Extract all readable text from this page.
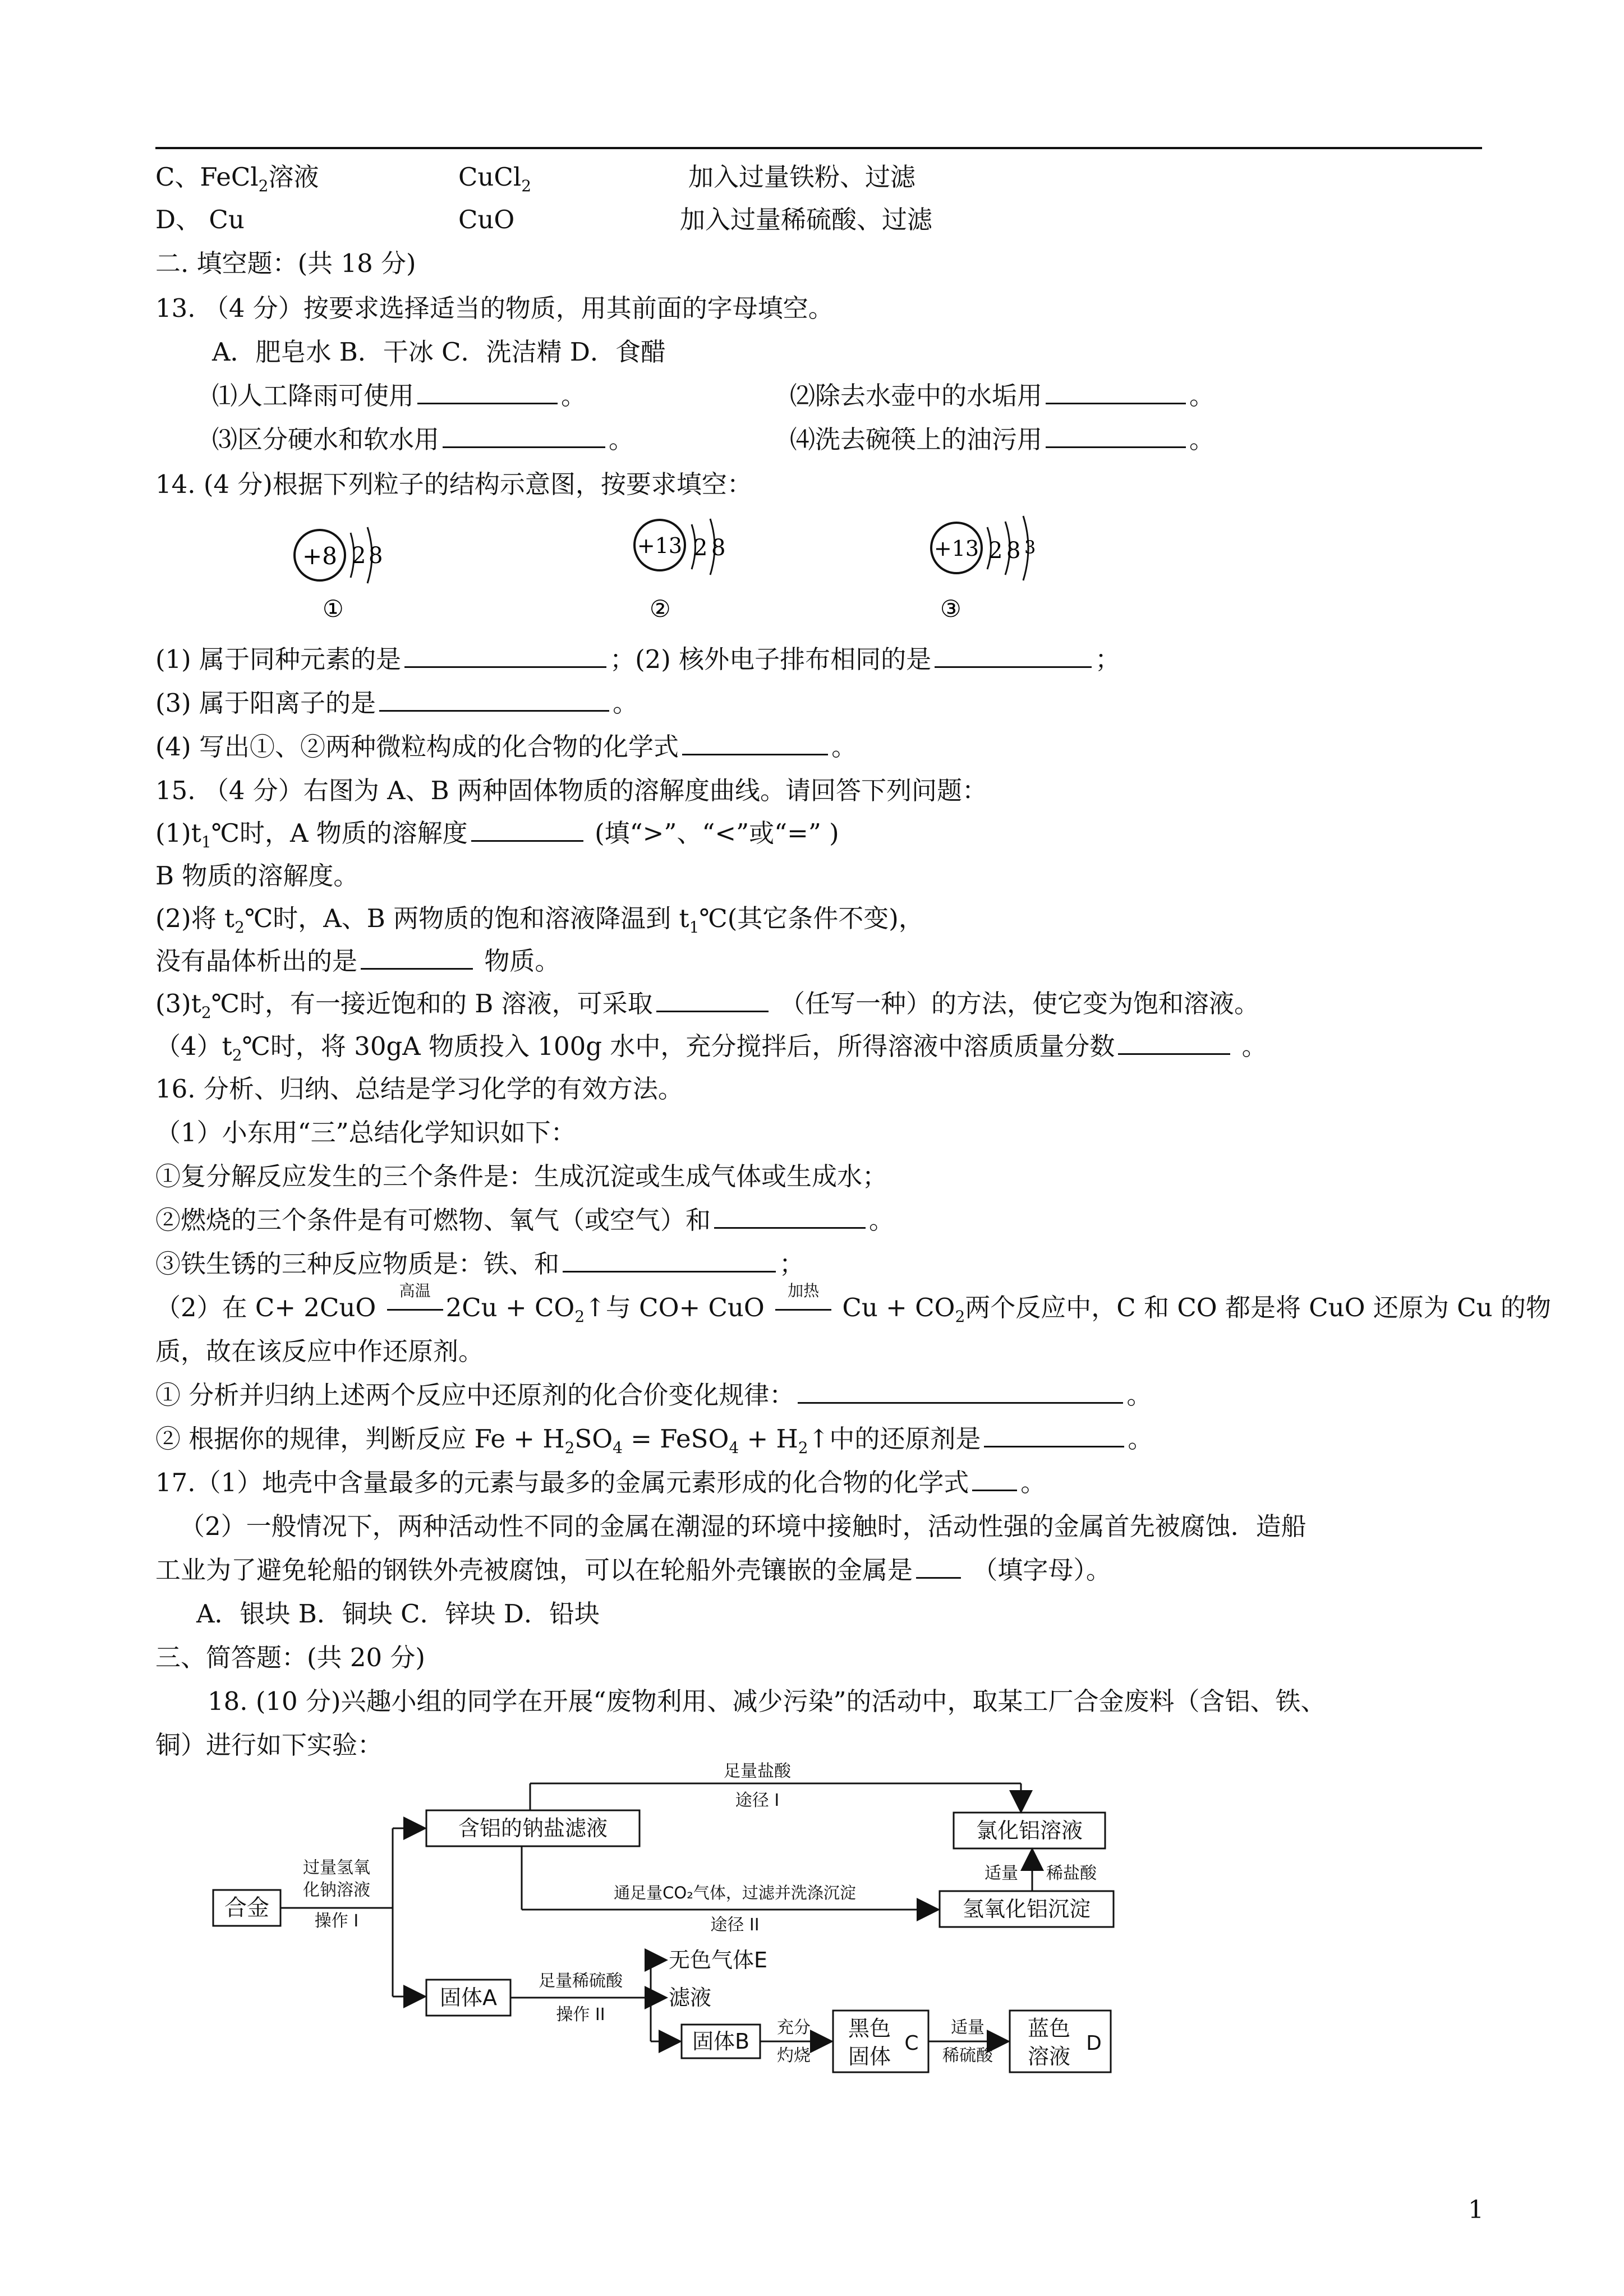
C、FeCl$_2$溶液	CuCl$_2$	加入过量铁粉、过滤
D、 Cu	CuO	加入过量稀硫酸、过滤
二. 填空题：(共 18 分)
13. （4 分）按要求选择适当的物质，用其前面的字母填空。
A．肥皂水 B．干冰 C．洗洁精 D．食醋
⑴人工降雨可使用	。	⑵除去水壶中的水垢用	。
⑶区分硬水和软水用	。	⑷洗去碗筷上的油污用	。
14. (4 分)根据下列粒子的结构示意图，按要求填空：
+8 2 8
①
+13 2 8
②
+13 2 8 3
③
(1) 属于同种元素的是	；(2) 核外电子排布相同的是	；
(3) 属于阳离子的是	。
(4) 写出①、②两种微粒构成的化合物的化学式	。
15. （4 分）右图为 A、B 两种固体物质的溶解度曲线。请回答下列问题：
$(1)t_1℃$时，A 物质的溶解度	(填“>”、“<”或“=” )
B 物质的溶解度。
(2)将 $t_2℃$时，A、B 两物质的饱和溶液降温到 $t_1℃$(其它条件不变)，
没有晶体析出的是	物质。
$(3)t_2℃$时，有一接近饱和的 B 溶液，可采取	（任写一种）的方法，使它变为饱和溶液。
$(4)t_2℃$时，将 30gA 物质投入 100g 水中，充分搅拌后，所得溶液中溶质质量分数	。
16. 分析、归纳、总结是学习化学的有效方法。
（1）小东用“三”总结化学知识如下：
①复分解反应发生的三个条件是：生成沉淀或生成气体或生成水；
②燃烧的三个条件是有可燃物、氧气（或空气）和	。
③铁生锈的三种反应物质是：铁、和	；
（2）在 C+ 2CuO
高温
$2Cu + CO_2↑$与 CO+ CuO
加热
$Cu + CO_2$两个反应中，C 和 CO 都是将 CuO 还原为 Cu 的物
质，故在该反应中作还原剂。
① 分析并归纳上述两个反应中还原剂的化合价变化规律：	。
② 根据你的规律，判断反应 $Fe + H_2SO_4$ = FeSO$_4$ + $H_2↑$中的还原剂是	。
17.（1）地壳中含量最多的元素与最多的金属元素形成的化合物的化学式 。
（2）一般情况下，两种活动性不同的金属在潮湿的环境中接触时，活动性强的金属首先被腐蚀．造船
工业为了避免轮船的钢铁外壳被腐蚀，可以在轮船外壳镶嵌的金属是 （填字母）。
A．银块 B．铜块 C．锌块 D．铅块
三、简答题：(共 20 分)
18. (10 分)兴趣小组的同学在开展“废物利用、减少污染”的活动中，取某工厂合金废料（含铝、铁、
铜）进行如下实验：
合金
过量氢氧
化钠溶液
操作 I
含铝的钠盐滤液
足量盐酸
途径 I
氯化铝溶液
通足量CO₂气体，过滤并洗涤沉淀
途径 II
氢氧化铝沉淀
适量 稀盐酸
固体A
足量稀硫酸
操作 II
无色气体E
滤液
固体B
充分
灼烧
黑色
固体
C
适量
稀硫酸
蓝色
溶液
D
1
